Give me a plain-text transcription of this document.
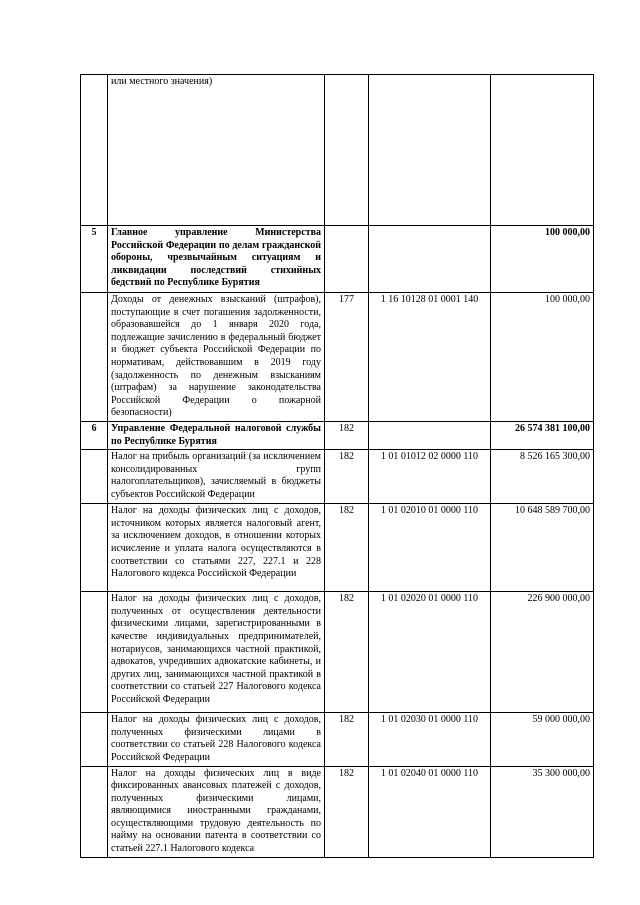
	или местного значения)			
5	Главное управление Министерства Российской Федерации по делам гражданской обороны, чрезвычайным ситуациям и ликвидации последствий стихийных бедствий по Республике Бурятия			100 000,00
	Доходы от денежных взысканий (штрафов), поступающие в счет погашения задолженности, образовавшейся до 1 января 2020 года, подлежащие зачислению в федеральный бюджет и бюджет субъекта Российской Федерации по нормативам, действовавшим в 2019 году (задолженность по денежным взысканиям (штрафам) за нарушение законодательства Российской Федерации о пожарной безопасности)	177	1 16 10128 01 0001 140	100 000,00
6	Управление Федеральной налоговой службы по Республике Бурятия	182		26 574 381 100,00
	Налог на прибыль организаций (за исключением консолидированных групп налогоплательщиков), зачисляемый в бюджеты субъектов Российской Федерации	182	1 01 01012 02 0000 110	8 526 165 300,00
	Налог на доходы физических лиц с доходов, источником которых является налоговый агент, за исключением доходов, в отношении которых исчисление и уплата налога осуществляются в соответствии со статьями 227, 227.1 и 228 Налогового кодекса Российской Федерации	182	1 01 02010 01 0000 110	10 648 589 700,00
	Налог на доходы физических лиц с доходов, полученных от осуществления деятельности физическими лицами, зарегистрированными в качестве индивидуальных предпринимателей, нотариусов, занимающихся частной практикой, адвокатов, учредивших адвокатские кабинеты, и других лиц, занимающихся частной практикой в соответствии со статьей 227 Налогового кодекса Российской Федерации	182	1 01 02020 01 0000 110	226 900 000,00
	Налог на доходы физических лиц с доходов, полученных физическими лицами в соответствии со статьей 228 Налогового кодекса Российской Федерации	182	1 01 02030 01 0000 110	59 000 000,00
	Налог на доходы физических лиц в виде фиксированных авансовых платежей с доходов, полученных физическими лицами, являющимися иностранными гражданами, осуществляющими трудовую деятельность по найму на основании патента в соответствии со статьей 227.1 Налогового кодекса	182	1 01 02040 01 0000 110	35 300 000,00
